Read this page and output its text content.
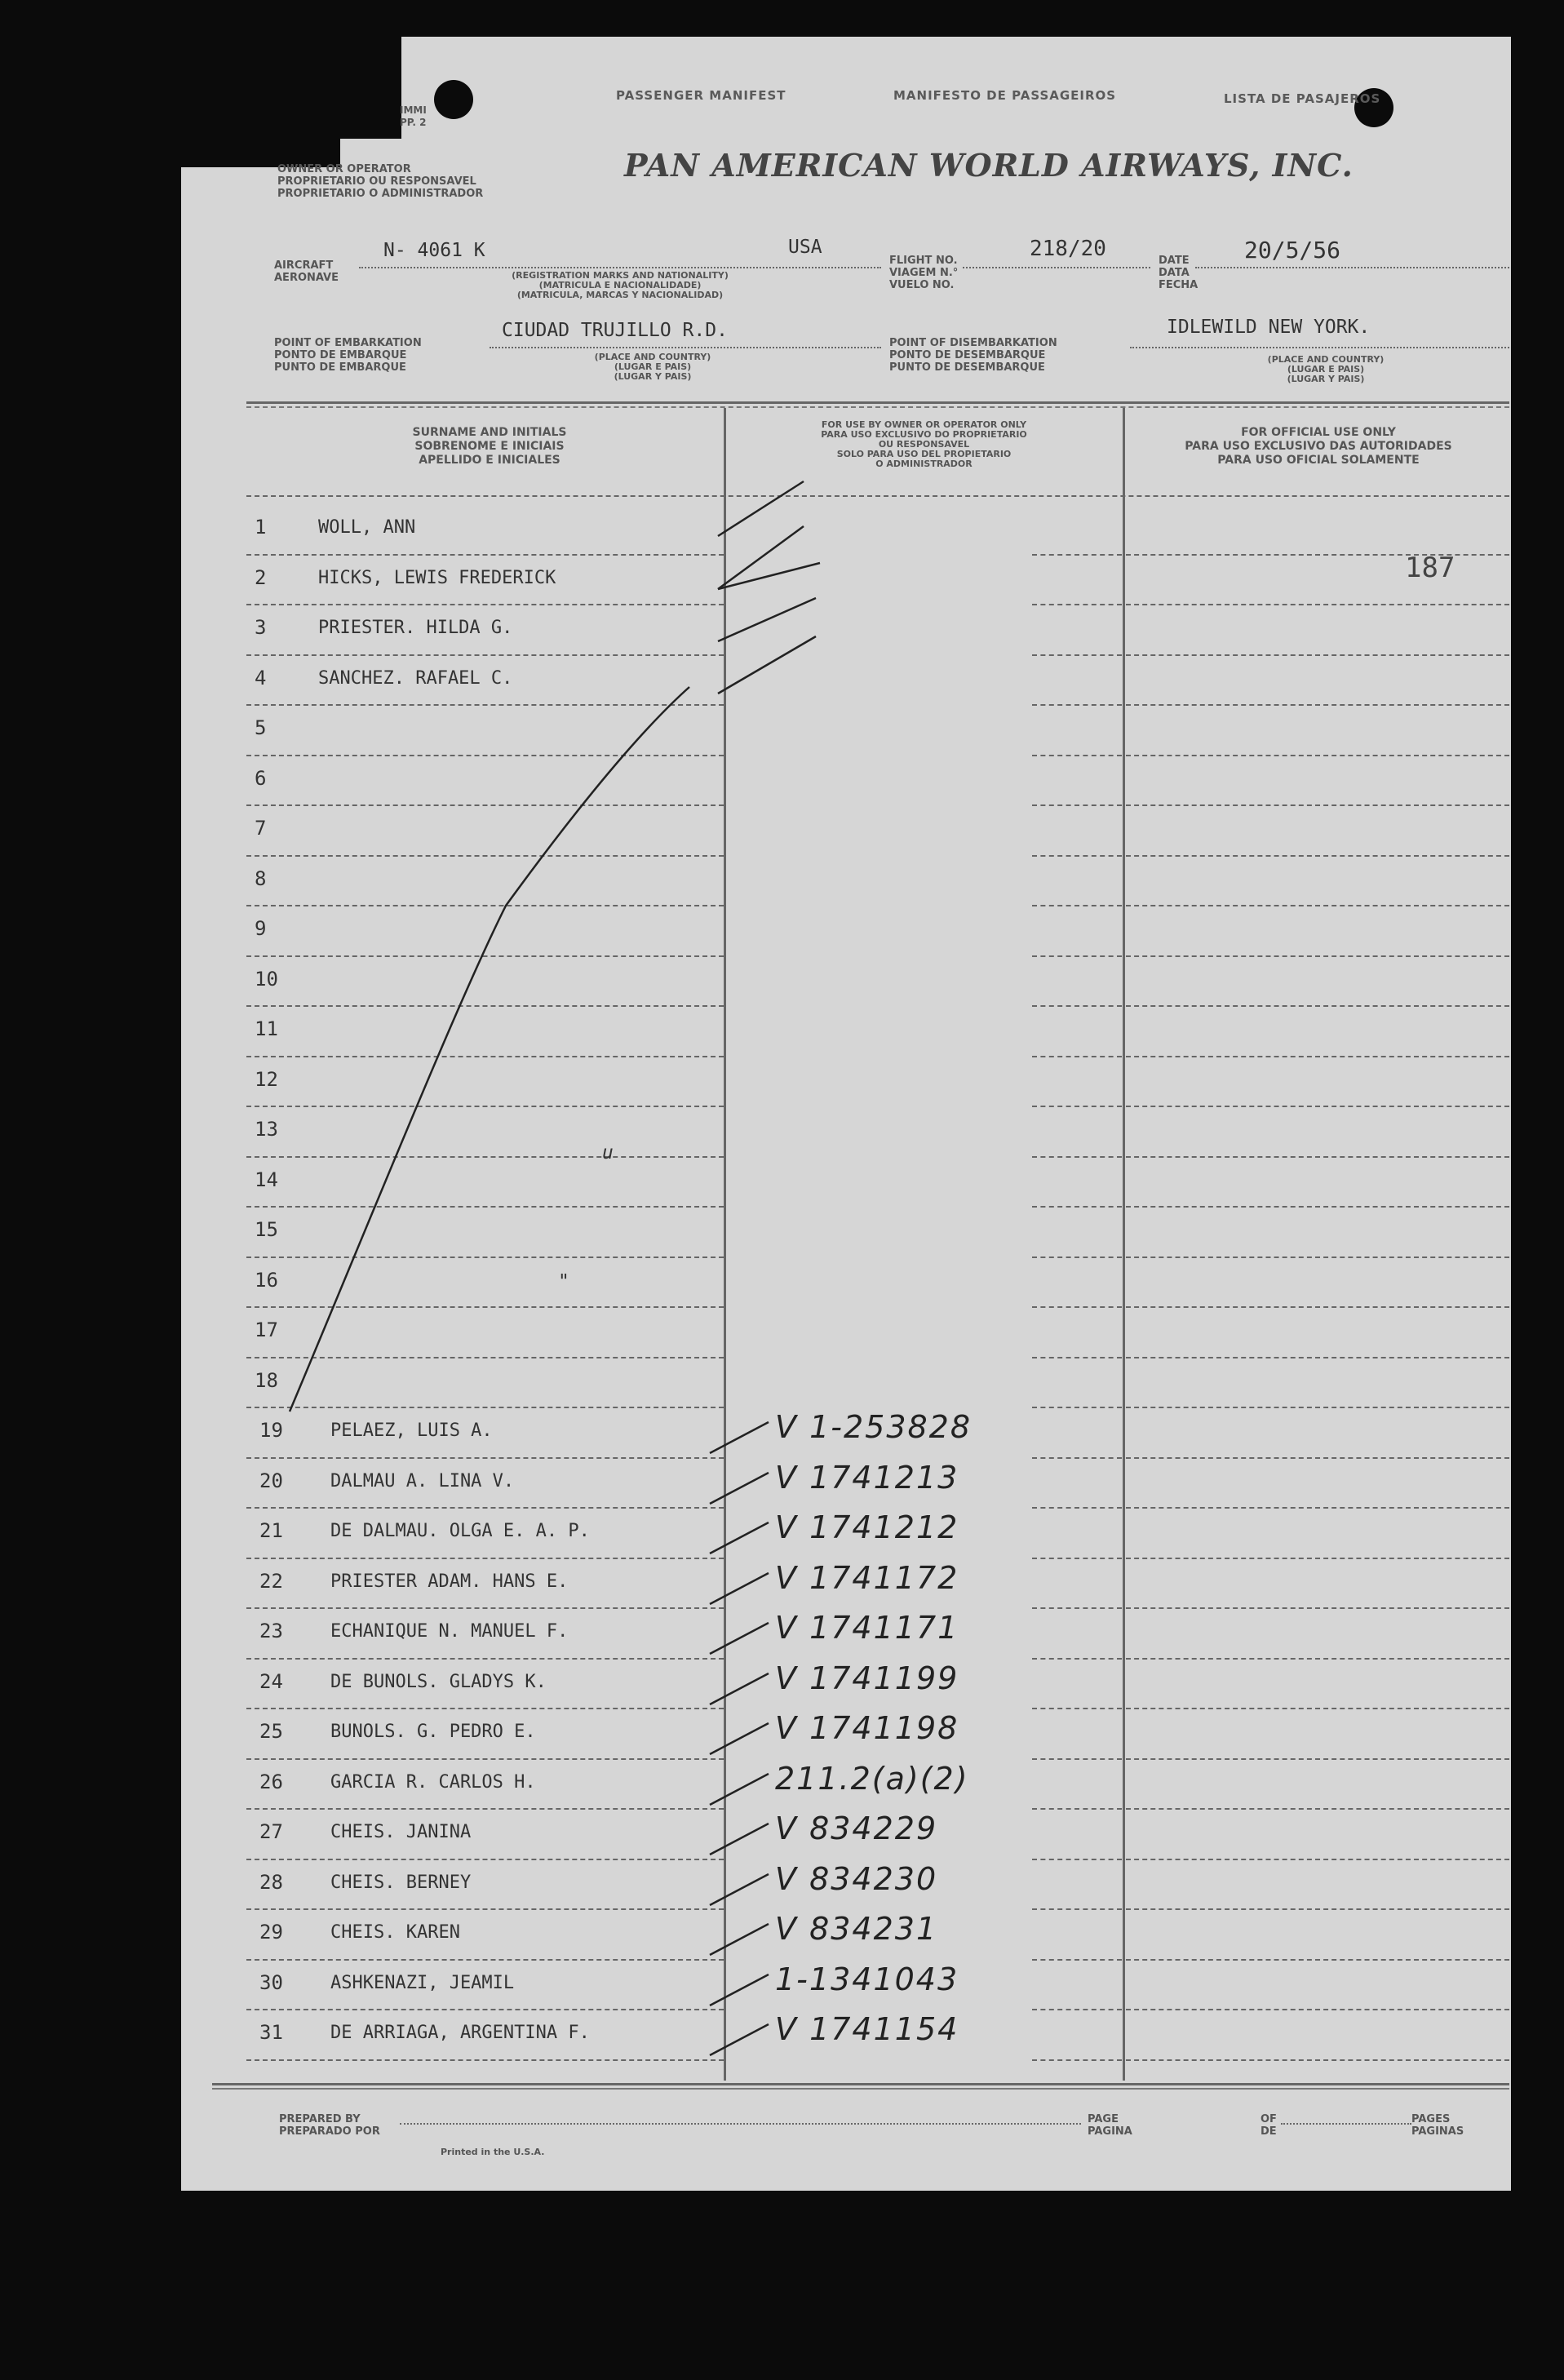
IMMI
PP. 2
PASSENGER MANIFEST	MANIFESTO DE PASSAGEIROS	LISTA DE PASAJEROS
OWNER OR OPERATOR
PROPRIETARIO OU RESPONSAVEL
PROPRIETARIO O ADMINISTRADOR
PAN AMERICAN WORLD AIRWAYS, INC.
AIRCRAFT
AERONAVE
N- 4061 K	USA
(REGISTRATION MARKS AND NATIONALITY)
(MATRICULA E NACIONALIDADE)
(MATRICULA, MARCAS Y NACIONALIDAD)
FLIGHT NO.
VIAGEM N.°
VUELO NO.
218/20	DATE
DATA
FECHA
20/5/56
POINT OF EMBARKATION
PONTO DE EMBARQUE
PUNTO DE EMBARQUE
CIUDAD TRUJILLO R.D.
(PLACE AND COUNTRY)
(LUGAR E PAIS)
(LUGAR Y PAIS)
POINT OF DISEMBARKATION
PONTO DE DESEMBARQUE
PUNTO DE DESEMBARQUE
IDLEWILD NEW YORK.
(PLACE AND COUNTRY)
(LUGAR E PAIS)
(LUGAR Y PAIS)
SURNAME AND INITIALS
SOBRENOME E INICIAIS
APELLIDO E INICIALES
FOR USE BY OWNER OR OPERATOR ONLY
PARA USO EXCLUSIVO DO PROPRIETARIO
OU RESPONSAVEL
SOLO PARA USO DEL PROPIETARIO
O ADMINISTRADOR
FOR OFFICIAL USE ONLY
PARA USO EXCLUSIVO DAS AUTORIDADES
PARA USO OFICIAL SOLAMENTE
187
1	WOLL, ANN
2	HICKS, LEWIS FREDERICK
3	PRIESTER. HILDA G.
4	SANCHEZ. RAFAEL C.
5
6
7
8
9
10
11
12
13
14
15
16
17
18
19	PELAEZ, LUIS A.	V 1-253828
20	DALMAU A. LINA V.	V 1741213
21	DE DALMAU. OLGA E. A. P.	V 1741212
22	PRIESTER ADAM. HANS E.	V 1741172
23	ECHANIQUE N. MANUEL F.	V 1741171
24	DE BUNOLS. GLADYS K.	V 1741199
25	BUNOLS. G. PEDRO E.	V 1741198
26	GARCIA R. CARLOS H.	211.2(a)(2)
27	CHEIS. JANINA	V 834229
28	CHEIS. BERNEY	V 834230
29	CHEIS. KAREN	V 834231
30	ASHKENAZI, JEAMIL	1-1341043
31	DE ARRIAGA, ARGENTINA F.	V 1741154
u
"
PREPARED BY
PREPARADO POR
Printed in the U.S.A.
PAGE
PAGINA
OF
DE
PAGES
PAGINAS
